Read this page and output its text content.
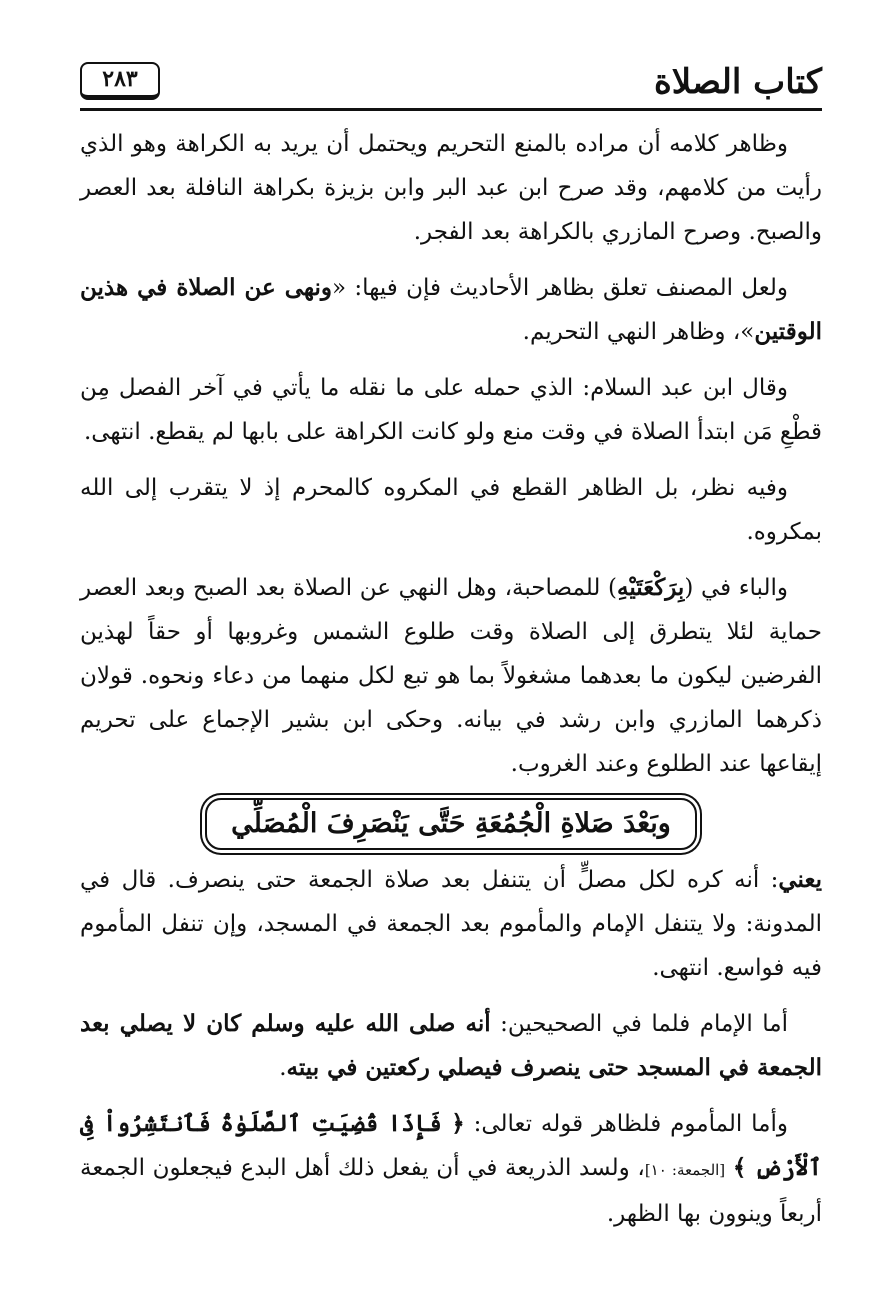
كتاب الصلاة
٢٨٣

وظاهر كلامه أن مراده بالمنع التحريم ويحتمل أن يريد به الكراهة وهو الذي رأيت من كلامهم، وقد صرح ابن عبد البر وابن بزيزة بكراهة النافلة بعد العصر والصبح. وصرح المازري بالكراهة بعد الفجر.

ولعل المصنف تعلق بظاهر الأحاديث فإن فيها: «ونهى عن الصلاة في هذين الوقتين»، وظاهر النهي التحريم.

وقال ابن عبد السلام: الذي حمله على ما نقله ما يأتي في آخر الفصل مِن قطْعِ مَن ابتدأ الصلاة في وقت منع ولو كانت الكراهة على بابها لم يقطع. انتهى.

وفيه نظر، بل الظاهر القطع في المكروه كالمحرم إذ لا يتقرب إلى الله بمكروه.

والباء في (بِرَكْعَتَيْهِ) للمصاحبة، وهل النهي عن الصلاة بعد الصبح وبعد العصر حماية لئلا يتطرق إلى الصلاة وقت طلوع الشمس وغروبها أو حقاً لهذين الفرضين ليكون ما بعدهما مشغولاً بما هو تبع لكل منهما من دعاء ونحوه. قولان ذكرهما المازري وابن رشد في بيانه. وحكى ابن بشير الإجماع على تحريم إيقاعها عند الطلوع وعند الغروب.

وبَعْدَ صَلاةِ الْجُمُعَةِ حَتَّى يَنْصَرِفَ الْمُصَلِّي

يعني: أنه كره لكل مصلٍّ أن يتنفل بعد صلاة الجمعة حتى ينصرف. قال في المدونة: ولا يتنفل الإمام والمأموم بعد الجمعة في المسجد، وإن تنفل المأموم فيه فواسع. انتهى.

أما الإمام فلما في الصحيحين: أنه صلى الله عليه وسلم كان لا يصلي بعد الجمعة في المسجد حتى ينصرف فيصلي ركعتين في بيته.

وأما المأموم فلظاهر قوله تعالى: ﴿ فَإِذَا قُضِيَتِ ٱلصَّلَوٰةُ فَٱنتَشِرُواْ فِى ٱلْأَرْضِ ﴾ [الجمعة: ١٠]، ولسد الذريعة في أن يفعل ذلك أهل البدع فيجعلون الجمعة أربعاً وينوون بها الظهر.
